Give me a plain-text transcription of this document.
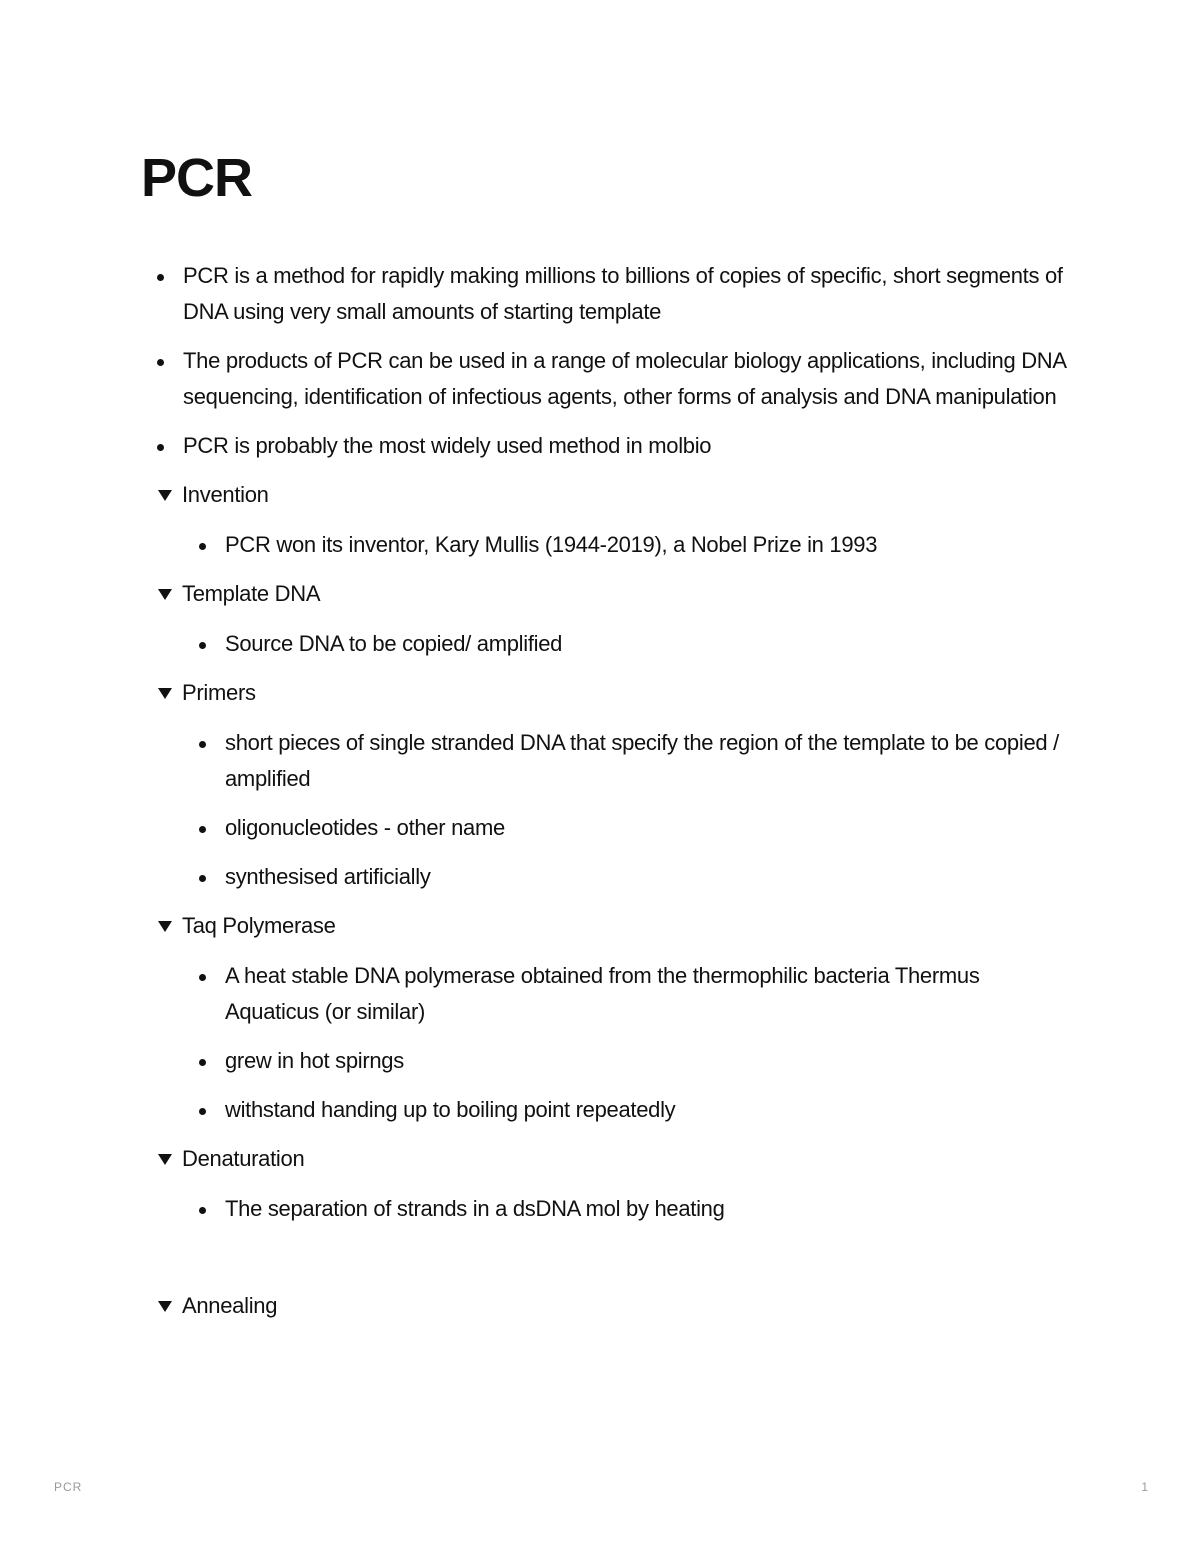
PCR
PCR is a method for rapidly making millions to billions of copies of specific, short segments of DNA using very small amounts of starting template
The products of PCR can be used in a range of molecular biology applications, including DNA sequencing, identification of infectious agents, other forms of analysis and DNA manipulation
PCR is probably the most widely used method in molbio
Invention
PCR won its inventor, Kary Mullis (1944-2019), a Nobel Prize in 1993
Template DNA
Source DNA to be copied/ amplified
Primers
short pieces of single stranded DNA that specify the region of the template to be copied / amplified
oligonucleotides - other name
synthesised artificially
Taq Polymerase
A heat stable DNA polymerase obtained from the thermophilic bacteria Thermus Aquaticus (or similar)
grew in hot spirngs
withstand handing up to boiling point repeatedly
Denaturation
The separation of strands in a dsDNA mol by heating
Annealing
PCR	1
